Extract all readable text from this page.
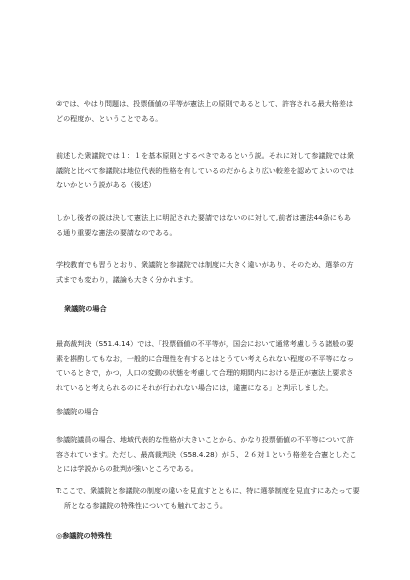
②では、やはり問題は、投票価値の平等が憲法上の原則であるとして、許容される最大格差はどの程度か、ということである。

前述した衆議院では１：１を基本原則とするべきであるという説。それに対して参議院では衆議院と比べて参議院は地位代表的性格を有しているのだからより広い較差を認めてよいのではないかという説がある（後述）

しかし後者の説は決して憲法上に明記された要請ではないのに対して,前者は憲法44条にもある通り重要な憲法の要請なのである。

学校教育でも習うとおり、衆議院と参議院では制度に大きく違いがあり、そのため、選挙の方式までも変わり，議論も大きく分かれます。

衆議院の場合

最高裁判決（S51.4.14）では、「投票価値の不平等が，国会において通常考慮しうる諸般の要素を斟酌してもなお，一般的に合理性を有するとはとうてい考えられない程度の不平等になっているときで，かつ，人口の変動の状態を考慮して合理的期間内における是正が憲法上要求されていると考えられるのにそれが行われない場合には，違憲になる」と判示しました。

参議院の場合

参議院議員の場合、地域代表的な性格が大きいことから、かなり投票価値の不平等について許容されています。ただし、最高裁判決（S58.4.28）が５、２６対１という格差を合憲としたことには学説からの批判が強いところである。

T:ここで、衆議院と参議院の制度の違いを見直すとともに、特に選挙制度を見直すにあたって要所となる参議院の特殊性についても触れておこう。

◎参議院の特殊性
